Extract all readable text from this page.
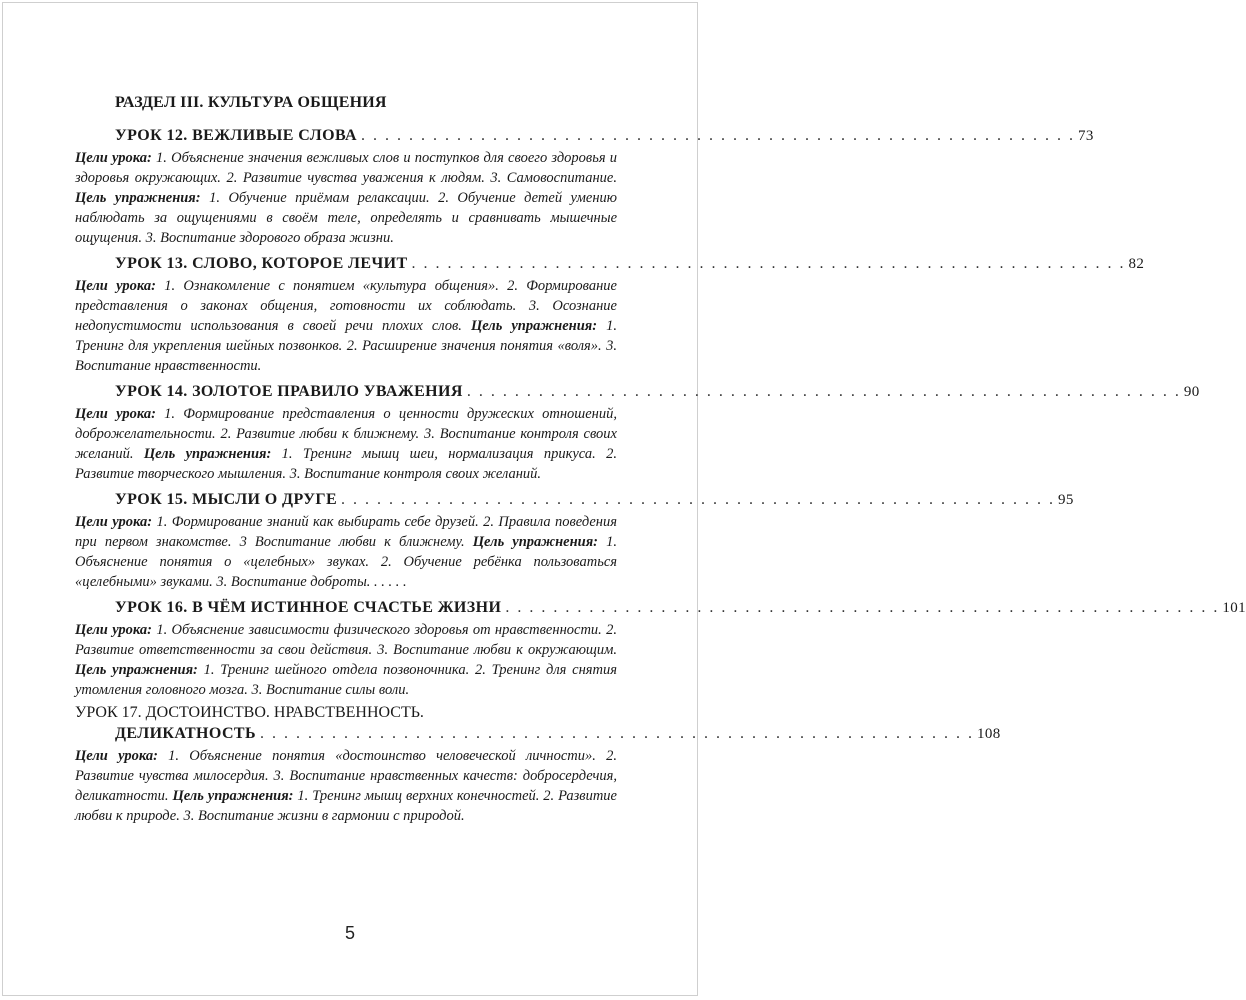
РАЗДЕЛ III. КУЛЬТУРА ОБЩЕНИЯ
УРОК 12. ВЕЖЛИВЫЕ СЛОВА . . . . . . . . . . . . . . . . . . . . . . . . . . . . . . . . . . . . . . . . . . . . . . . . . . . . . . . . . . . . 73

Цели урока: 1. Объяснение значения вежливых слов и поступков для своего здоровья и здоровья окружающих. 2. Развитие чувства уважения к людям. 3. Самовоспитание. Цель упражнения: 1. Обучение приёмам релаксации. 2. Обучение детей умению наблюдать за ощущениями в своём теле, определять и сравнивать мышечные ощущения. 3. Воспитание здорового образа жизни.

УРОК 13. СЛОВО, КОТОРОЕ ЛЕЧИТ . . . . . . . . . . . . . . . . . . . . . . . . . . . . . . . . . . . . . . . . . . . . . . . . . . . . . . . . . . . . 82

Цели урока: 1. Ознакомление с понятием «культура общения». 2. Формирование представления о законах общения, готовности их соблюдать. 3. Осознание недопустимости использования в своей речи плохих слов. Цель упражнения: 1. Тренинг для укрепления шейных позвонков. 2. Расширение значения понятия «воля». 3. Воспитание нравственности.

УРОК 14. ЗОЛОТОЕ ПРАВИЛО УВАЖЕНИЯ . . . . . . . . . . . . . . . . . . . . . . . . . . . . . . . . . . . . . . . . . . . . . . . . . . . . . . . . . . . . 90

Цели урока: 1. Формирование представления о ценности дружеских отношений, доброжелательности. 2. Развитие любви к ближнему. 3. Воспитание контроля своих желаний. Цель упражнения: 1. Тренинг мышц шеи, нормализация прикуса. 2. Развитие творческого мышления. 3. Воспитание контроля своих желаний.

УРОК 15. МЫСЛИ О ДРУГЕ . . . . . . . . . . . . . . . . . . . . . . . . . . . . . . . . . . . . . . . . . . . . . . . . . . . . . . . . . . . . 95

Цели урока: 1. Формирование знаний как выбирать себе друзей. 2. Правила поведения при первом знакомстве. 3 Воспитание любви к ближнему. Цель упражнения: 1. Объяснение понятия о «целебных» звуках. 2. Обучение ребёнка пользоваться «целебными» звуками. 3. Воспитание доброты. . . . . .

УРОК 16. В ЧЁМ ИСТИННОЕ СЧАСТЬЕ ЖИЗНИ . . . . . . . . . . . . . . . . . . . . . . . . . . . . . . . . . . . . . . . . . . . . . . . . . . . . . . . . . . . . 101

Цели урока: 1. Объяснение зависимости физического здоровья от нравственности. 2. Развитие ответственности за свои действия. 3. Воспитание любви к окружающим. Цель упражнения: 1. Тренинг шейного отдела позвоночника. 2. Тренинг для снятия утомления головного мозга. 3. Воспитание силы воли.

УРОК 17. ДОСТОИНСТВО. НРАВСТВЕННОСТЬ.
ДЕЛИКАТНОСТЬ . . . . . . . . . . . . . . . . . . . . . . . . . . . . . . . . . . . . . . . . . . . . . . . . . . . . . . . . . . . . 108

Цели урока: 1. Объяснение понятия «достоинство человеческой личности». 2. Развитие чувства милосердия. 3. Воспитание нравственных качеств: добросердечия, деликатности. Цель упражнения: 1. Тренинг мышц верхних конечностей. 2. Развитие любви к природе. 3. Воспитание жизни в гармонии с природой.

5
